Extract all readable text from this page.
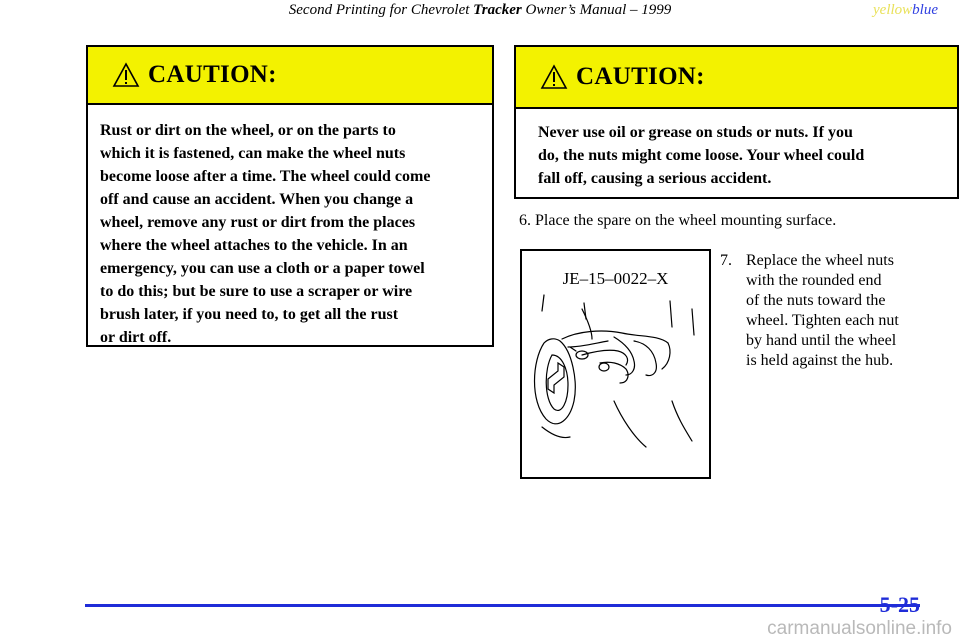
Second Printing for Chevrolet Tracker Owner’s Manual – 1999	yellowblue
CAUTION:
Rust or dirt on the wheel, or on the parts to
which it is fastened, can make the wheel nuts
become loose after a time. The wheel could come
off and cause an accident. When you change a
wheel, remove any rust or dirt from the places
where the wheel attaches to the vehicle. In an
emergency, you can use a cloth or a paper towel
to do this; but be sure to use a scraper or wire
brush later, if you need to, to get all the rust
or dirt off.
CAUTION:
Never use oil or grease on studs or nuts. If you
do, the nuts might come loose. Your wheel could
fall off, causing a serious accident.
6. Place the spare on the wheel mounting surface.
JE–15–0022–X
7. Replace the wheel nuts
with the rounded end
of the nuts toward the
wheel. Tighten each nut
by hand until the wheel
is held against the hub.
5-25
carmanualsonline.info
